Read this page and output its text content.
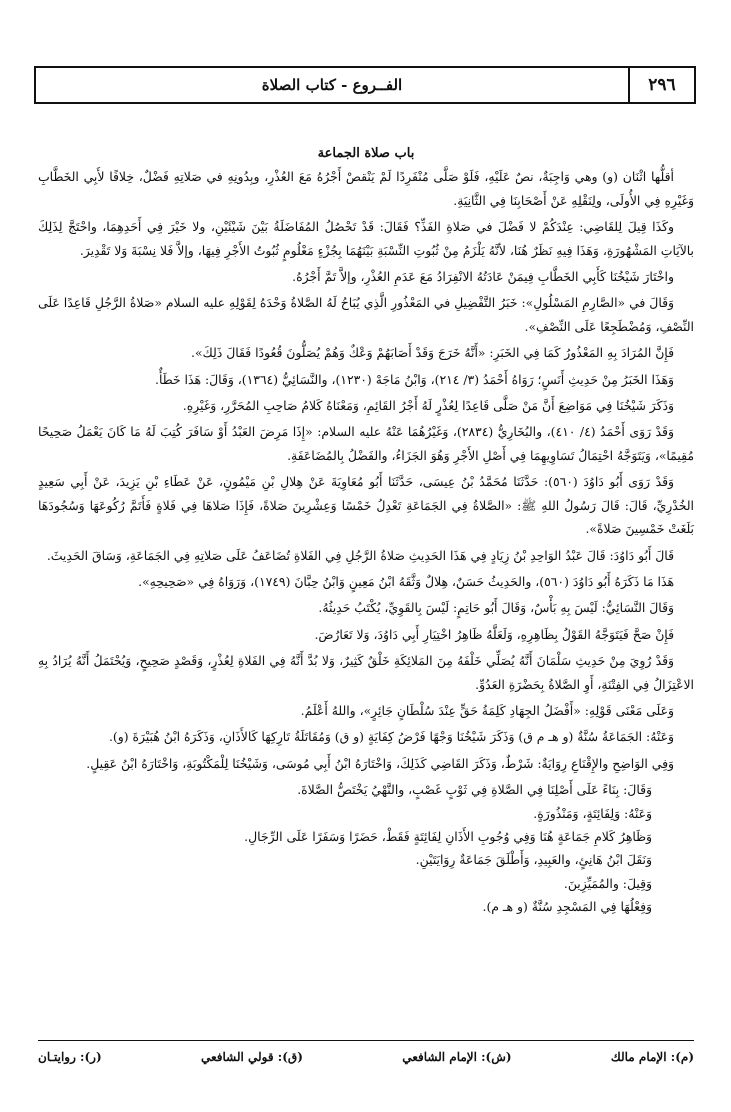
٢٩٦
الفــروع - كتاب الصلاة

باب صلاة الجماعة

أقلُّها اثْنَان (و) وهي وَاجِبَةٌ، نصٌ عَلَيْهِ، فَلَوْ صَلَّى مُنْفَرِدًا لَمْ يَنْقصْ أَجْرُهُ مَعَ العُذْرِ، وبِدُونِهِ في صَلاتِهِ فَضْلٌ، خِلافًا لأَبِي الخَطَّابِ وَغَيْرِهِ فِي الأُولَى، ولِنَقْلِهِ عَنْ أَصْحَابِنَا فِي الثَّانِيَةِ.

وكَذَا قِيلَ لِلقَاضِي: عِنْدَكُمْ لا فَضْلَ في صَلاةِ الفَذِّ؟ فَقَالَ: قَدْ تَحْصُلُ المُفَاضَلَةُ بَيْنَ شَيْئَيْنِ، ولا خَيْرَ فِي أَحَدِهِمَا، واحْتَجَّ لِذَلِكَ بالآيَاتِ المَشْهُورَةِ، وَهَذَا فِيهِ نَظَرٌ هُنَا، لأنَّهُ يَلْزَمُ مِنْ ثُبُوتِ النِّسْبَةِ بَيْنَهُمَا بِجُزْءٍ مَعْلُومٍ ثُبُوتُ الأَجْرِ فِيهَا، وإلاَّ فَلا نِسْبَةَ وَلا تَقْدِيرَ.

واخْتَارَ شَيْخُنَا كَأَبِي الخَطَّابِ فِيمَنْ عَادَتُهُ الانْفِرَادُ مَعَ عَدَمِ العُذْرِ، وإلاَّ تَمَّ أَجْرُهُ.

وَقَالَ في «الصَّارِمِ المَسْلُولِ»: خَبَرُ التَّفْضِيلِ في المَعْذُورِ الَّذِي يُبَاحُ لَهُ الصَّلاةُ وَحْدَهُ لِقَوْلِهِ عليه السلام «صَلاةُ الرَّجُلِ قَاعِدًا عَلَى النِّصْفِ، وَمُضْطَجِعًا عَلَى النِّصْفِ».

فَإِنَّ المُرَادَ بِهِ المَعْذُورُ كَمَا فِي الخَبَرِ: «أَنَّهُ خَرَجَ وَقَدْ أَصَابَهُمْ وَعْكٌ وَهُمْ يُصَلُّونَ قُعُودًا فَقَالَ ذَلِكَ».

وَهَذَا الخَبَرُ مِنْ حَدِيثِ أَنَسٍ؛ رَوَاهُ أَحْمَدُ (٣/ ٢١٤)، وَابْنُ مَاجَهْ (١٢٣٠)، والنَّسَائِيُّ (١٣٦٤)، وَقَالَ: هَذَا خَطَأٌ.

وَذَكَرَ شَيْخُنَا فِي مَوَاضِعَ أَنَّ مَنْ صَلَّى قَاعِدًا لِعُذْرٍ لَهُ أَجْرُ القَائِمِ، وَمَعْنَاهُ كَلامُ صَاحِبِ المُحَرَّرِ، وَغَيْرِهِ.

وَقَدْ رَوَى أَحْمَدُ (٤/ ٤١٠)، والبُخَارِيُّ (٢٨٣٤)، وَغَيْرُهُمَا عَنْهُ عليه السلام: «إِذَا مَرِضَ العَبْدُ أَوْ سَافَرَ كُتِبَ لَهُ مَا كَانَ يَعْمَلُ صَحِيحًا مُقِيمًا»، وَيَتَوَجَّهُ احْتِمَالُ تَسَاوِيهِمَا فِي أَصْلِ الأَجْرِ وَهُوَ الجَزَاءُ، والفَضْلُ بِالمُضَاعَفَةِ.

وَقَدْ رَوَى أَبُو دَاوُدَ (٥٦٠): حَدَّثَنَا مُحَمَّدُ بْنُ عِيسَى، حَدَّثَنَا أَبُو مُعَاوِيَةَ عَنْ هِلالِ بْنِ مَيْمُونٍ، عَنْ عَطَاءِ بْنِ يَزِيدَ، عَنْ أَبِي سَعِيدٍ الخُدْرِيِّ، قَالَ: قَالَ رَسُولُ اللهِ ﷺ: «الصَّلاةُ فِي الجَمَاعَةِ تَعْدِلُ خَمْسًا وَعِشْرِينَ صَلاةً، فَإِذَا صَلاهَا فِي فَلاةٍ فَأَتَمَّ رُكُوعَهَا وَسُجُودَهَا بَلَغَتْ خَمْسِينَ صَلاةً».

قَالَ أَبُو دَاوُدَ: قَالَ عَبْدُ الوَاحِدِ بْنُ زِيَادٍ فِي هَذَا الحَدِيثِ صَلاةُ الرَّجُلِ فِي الفَلاةِ تُضَاعَفُ عَلَى صَلاتِهِ فِي الجَمَاعَةِ، وَسَاقَ الحَدِيثَ.

هَذَا مَا ذَكَرَهُ أَبُو دَاوُدَ (٥٦٠)، والحَدِيثُ حَسَنٌ، هِلالٌ وَثَّقَهُ ابْنُ مَعِينٍ وَابْنُ حِبَّانَ (١٧٤٩)، وَرَوَاهُ فِي «صَحِيحِهِ».

وَقَالَ النَّسَائِيُّ: لَيْسَ بِهِ بَأْسٌ، وَقَالَ أَبُو حَاتِمٍ: لَيْسَ بِالقَوِيِّ، يُكْتَبُ حَدِيثُهُ.

فَإِنْ صَحَّ فَيَتَوَجَّهُ القَوْلُ بِظَاهِرِهِ، وَلَعَلَّهُ ظَاهِرُ اخْتِيَارِ أَبِي دَاوُدَ، وَلا تَعَارُضَ.

وَقَدْ رُوِيَ مِنْ حَدِيثِ سَلْمَانَ أَنَّهُ يُصَلِّي خَلْفَهُ مِنَ المَلائِكَةِ خَلْقٌ كَثِيرٌ، وَلا بُدَّ أَنَّهُ فِي الفَلاةِ لِعُذْرٍ، وَقَصْدٍ صَحِيحٍ، وَيُحْتَمَلُ أَنَّهُ يُرَادُ بِهِ الاعْتِزَالُ فِي الفِتْنَةِ، أَوِ الصَّلاةُ بِحَضْرَةِ العَدُوِّ.

وَعَلَى مَعْنَى قَوْلِهِ: «أَفْضَلُ الجِهَادِ كَلِمَةُ حَقٍّ عِنْدَ سُلْطَانٍ جَائِرٍ»، واللهُ أَعْلَمُ.

وَعَنْهُ: الجَمَاعَةُ سُنَّةٌ (و هـ م ق) وَذَكَرَ شَيْخُنَا وَجْهًا فَرْضُ كِفَايَةٍ (و ق) وَمُقَاتَلَةُ تَارِكِهَا كَالأَذَانِ، وَذَكَرَهُ ابْنُ هُبَيْرَةَ (و).

وَفِي الوَاضِحِ والإِقْنَاعِ رِوَايَةٌ: شَرْطٌ، وَذَكَرَ القَاضِي كَذَلِكَ، وَاخْتَارَهُ ابْنُ أَبِي مُوسَى، وَشَيْخُنَا لِلْمَكْتُوبَةِ، وَاخْتَارَهُ ابْنُ عَقِيلٍ.

وَقَالَ: بِنَاءً عَلَى أَصْلِنَا فِي الصَّلاةِ فِي ثَوْبٍ غَصْبٍ، والنَّهْيُ يَخْتَصُّ الصَّلاةَ.

وَعَنْهُ: وَلِفَائِتَةٍ، وَمَنْذُورَةٍ.

وَظَاهِرُ كَلامِ جَمَاعَةٍ هُنَا وَفِي وُجُوبِ الأَذَانِ لِفَائِتَةٍ فَقَطْ، حَضَرًا وَسَفَرًا عَلَى الرِّجَالِ.

وَنَقَلَ ابْنُ هَانِئٍ، والعَبِيدِ، وَأَطْلَقَ جَمَاعَةٌ رِوَايَتَيْنِ.

وَقِيلَ: والمُمَيِّزِينَ.

وَفِعْلُهَا فِي المَسْجِدِ سُنَّةٌ (و هـ م).

(م): الإمام مالك
(ش): الإمام الشافعي
(ق): قولي الشافعي
(ر): روايتـان
